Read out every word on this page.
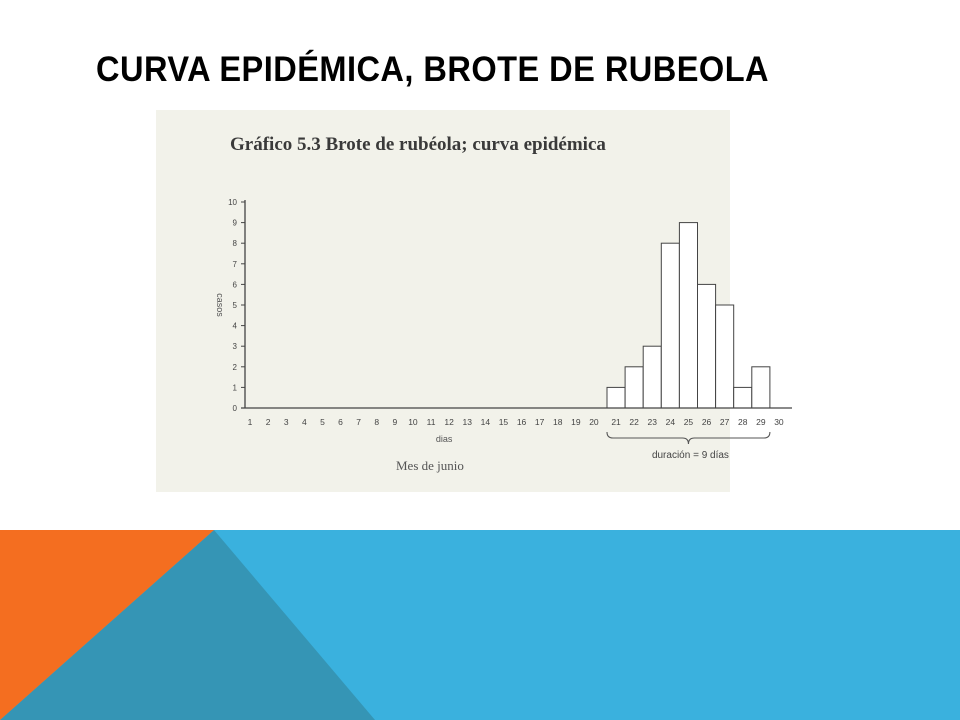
CURVA EPIDÉMICA, BROTE DE RUBEOLA
Gráfico 5.3 Brote de rubéola; curva epidémica
0
1
2
3
4
5
6
7
8
9
10
1 2 3 4 5 6 7 8 9 10 11 12 13 14 15 16 17 18 19 20 21 22 23 24 25 26 27 28 29 30
casos
dias
duración = 9 días
Mes de junio
